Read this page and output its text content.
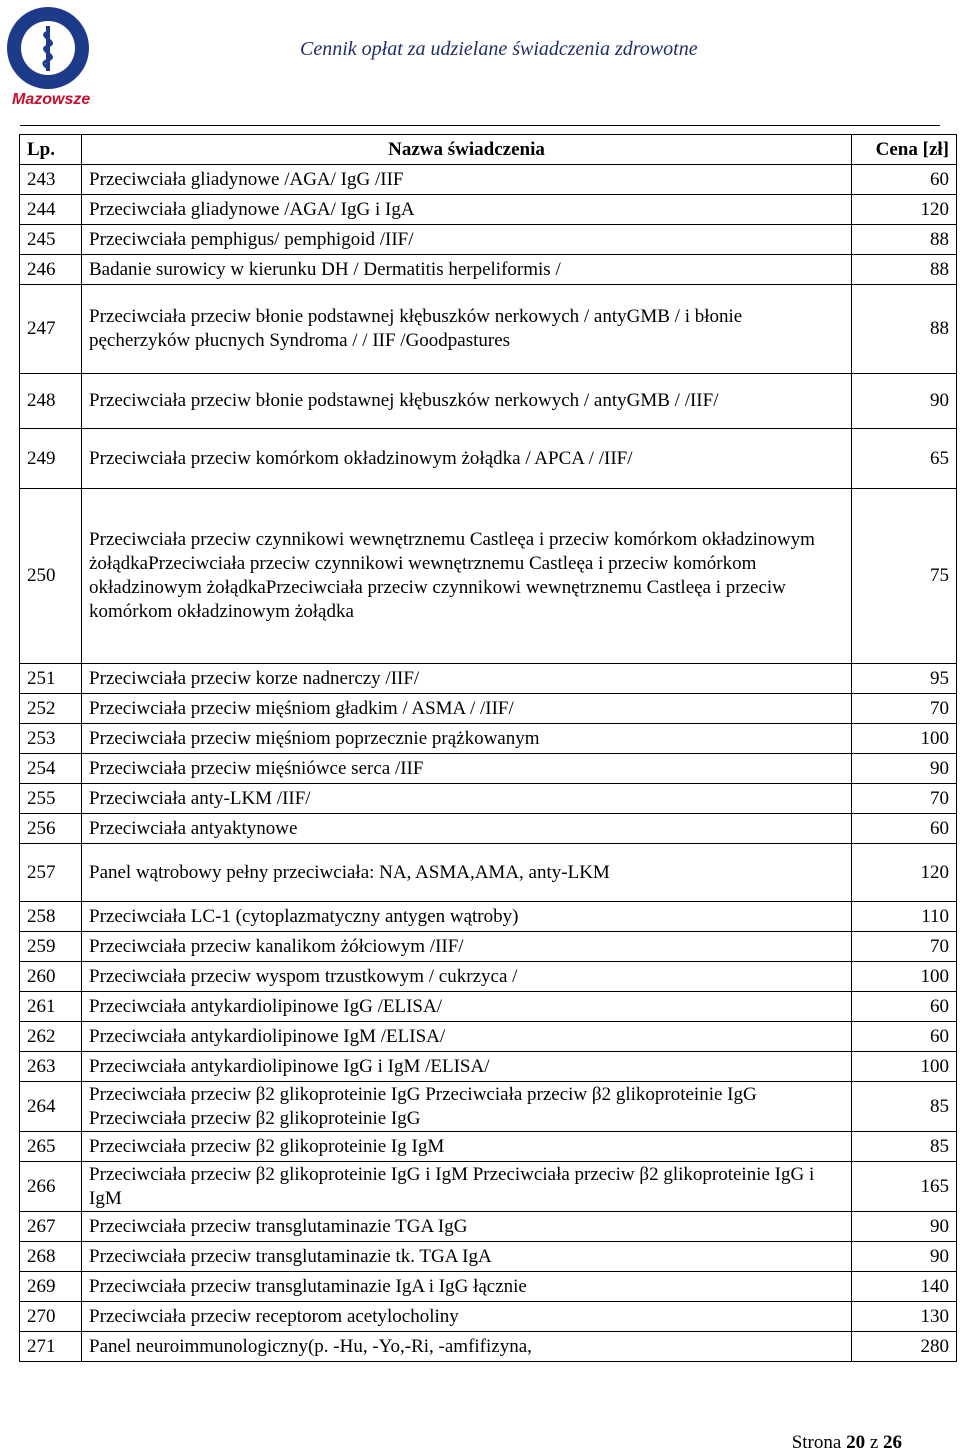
Mazowsze
Cennik opłat za udzielane świadczenia zdrowotne
Lp.	Nazwa świadczenia	Cena [zł]
243	Przeciwciała gliadynowe /AGA/ IgG /IIF	60
244	Przeciwciała gliadynowe /AGA/ IgG i IgA	120
245	Przeciwciała pemphigus/ pemphigoid /IIF/	88
246	Badanie surowicy w kierunku DH / Dermatitis herpeliformis /	88
247	Przeciwciała przeciw błonie podstawnej kłębuszków nerkowych / antyGMB / i błonie pęcherzyków płucnych Syndroma / / IIF /Goodpastures	88
248	Przeciwciała przeciw błonie podstawnej kłębuszków nerkowych / antyGMB / /IIF/	90
249	Przeciwciała przeciw komórkom okładzinowym żołądka / APCA / /IIF/	65
250	Przeciwciała przeciw czynnikowi wewnętrznemu Castleęa i przeciw komórkom okładzinowym żołądkaPrzeciwciała przeciw czynnikowi wewnętrznemu Castleęa i przeciw komórkom okładzinowym żołądkaPrzeciwciała przeciw czynnikowi wewnętrznemu Castleęa i przeciw komórkom okładzinowym żołądka	75
251	Przeciwciała przeciw korze nadnerczy /IIF/	95
252	Przeciwciała przeciw mięśniom gładkim / ASMA / /IIF/	70
253	Przeciwciała przeciw mięśniom poprzecznie prążkowanym	100
254	Przeciwciała przeciw mięśniówce serca /IIF	90
255	Przeciwciała anty-LKM /IIF/	70
256	Przeciwciała antyaktynowe	60
257	Panel wątrobowy pełny przeciwciała: NA, ASMA,AMA, anty-LKM	120
258	Przeciwciała LC-1 (cytoplazmatyczny antygen wątroby)	110
259	Przeciwciała przeciw kanalikom żółciowym /IIF/	70
260	Przeciwciała przeciw wyspom trzustkowym / cukrzyca /	100
261	Przeciwciała antykardiolipinowe IgG /ELISA/	60
262	Przeciwciała antykardiolipinowe IgM /ELISA/	60
263	Przeciwciała antykardiolipinowe IgG i IgM /ELISA/	100
264	Przeciwciała przeciw β2 glikoproteinie IgG Przeciwciała przeciw β2 glikoproteinie IgG Przeciwciała przeciw β2 glikoproteinie IgG	85
265	Przeciwciała przeciw β2 glikoproteinie Ig IgM	85
266	Przeciwciała przeciw β2 glikoproteinie IgG i IgM Przeciwciała przeciw β2 glikoproteinie IgG i IgM	165
267	Przeciwciała przeciw transglutaminazie TGA IgG	90
268	Przeciwciała przeciw transglutaminazie tk. TGA IgA	90
269	Przeciwciała przeciw transglutaminazie IgA i IgG łącznie	140
270	Przeciwciała przeciw receptorom acetylocholiny	130
271	Panel neuroimmunologiczny(p. -Hu, -Yo,-Ri, -amfifizyna,	280
Strona 20 z 26
